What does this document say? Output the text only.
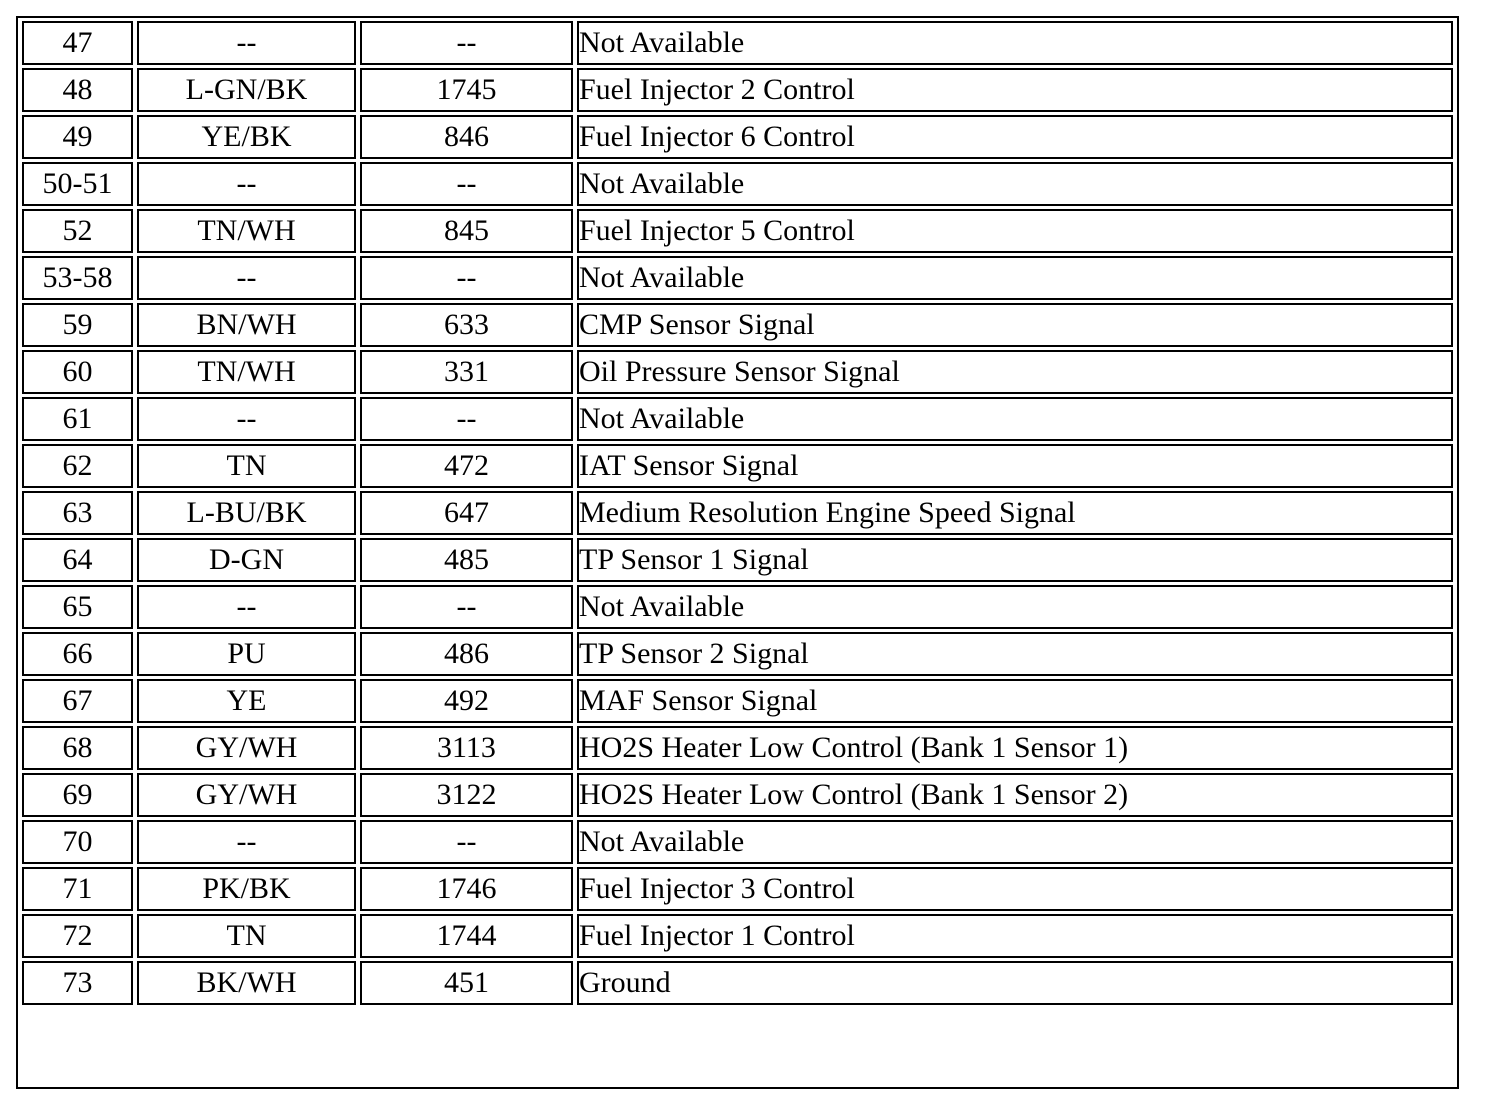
47	--	--	Not Available
48	L-GN/BK	1745	Fuel Injector 2 Control
49	YE/BK	846	Fuel Injector 6 Control
50-51	--	--	Not Available
52	TN/WH	845	Fuel Injector 5 Control
53-58	--	--	Not Available
59	BN/WH	633	CMP Sensor Signal
60	TN/WH	331	Oil Pressure Sensor Signal
61	--	--	Not Available
62	TN	472	IAT Sensor Signal
63	L-BU/BK	647	Medium Resolution Engine Speed Signal
64	D-GN	485	TP Sensor 1 Signal
65	--	--	Not Available
66	PU	486	TP Sensor 2 Signal
67	YE	492	MAF Sensor Signal
68	GY/WH	3113	HO2S Heater Low Control (Bank 1 Sensor 1)
69	GY/WH	3122	HO2S Heater Low Control (Bank 1 Sensor 2)
70	--	--	Not Available
71	PK/BK	1746	Fuel Injector 3 Control
72	TN	1744	Fuel Injector 1 Control
73	BK/WH	451	Ground
